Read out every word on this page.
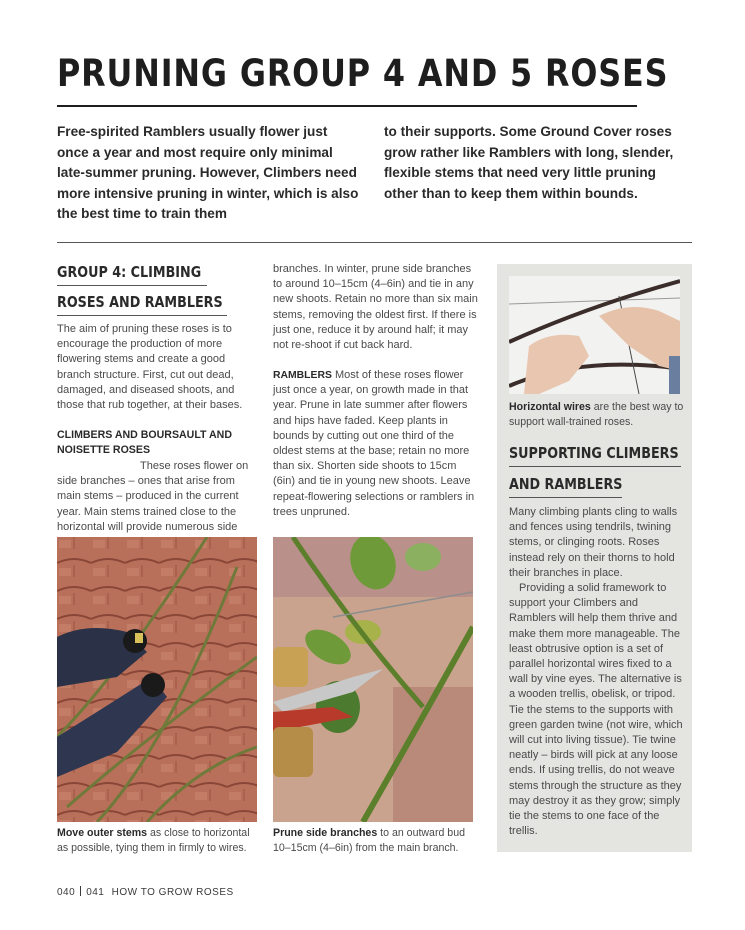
PRUNING GROUP 4 AND 5 ROSES

Free-spirited Ramblers usually flower just once a year and most require only minimal late-summer pruning. However, Climbers need more intensive pruning in winter, which is also the best time to train them

to their supports. Some Ground Cover roses grow rather like Ramblers with long, slender, flexible stems that need very little pruning other than to keep them within bounds.

GROUP 4: CLIMBING
ROSES AND RAMBLERS

The aim of pruning these roses is to encourage the production of more flowering stems and create a good branch structure. First, cut out dead, damaged, and diseased shoots, and those that rub together, at their bases.

CLIMBERS AND BOURSAULT AND NOISETTE ROSES

These roses flower on side branches – ones that arise from main stems – produced in the current year. Main stems trained close to the horizontal will provide numerous side

branches. In winter, prune side branches to around 10–15cm (4–6in) and tie in any new shoots. Retain no more than six main stems, removing the oldest first. If there is just one, reduce it by around half; it may not re-shoot if cut back hard.

RAMBLERS Most of these roses flower just once a year, on growth made in that year. Prune in late summer after flowers and hips have faded. Keep plants in bounds by cutting out one third of the oldest stems at the base; retain no more than six. Shorten side shoots to 15cm (6in) and tie in young new shoots. Leave repeat-flowering selections or ramblers in trees unpruned.

Move outer stems as close to horizontal as possible, tying them in firmly to wires.

Prune side branches to an outward bud 10–15cm (4–6in) from the main branch.

Horizontal wires are the best way to support wall-trained roses.

SUPPORTING CLIMBERS
AND RAMBLERS

Many climbing plants cling to walls and fences using tendrils, twining stems, or clinging roots. Roses instead rely on their thorns to hold their branches in place.

Providing a solid framework to support your Climbers and Ramblers will help them thrive and make them more manageable. The least obtrusive option is a set of parallel horizontal wires fixed to a wall by vine eyes. The alternative is a wooden trellis, obelisk, or tripod. Tie the stems to the supports with green garden twine (not wire, which will cut into living tissue). Tie twine neatly – birds will pick at any loose ends. If using trellis, do not weave stems through the structure as they may destroy it as they grow; simply tie the stems to one face of the trellis.

040 041 HOW TO GROW ROSES
